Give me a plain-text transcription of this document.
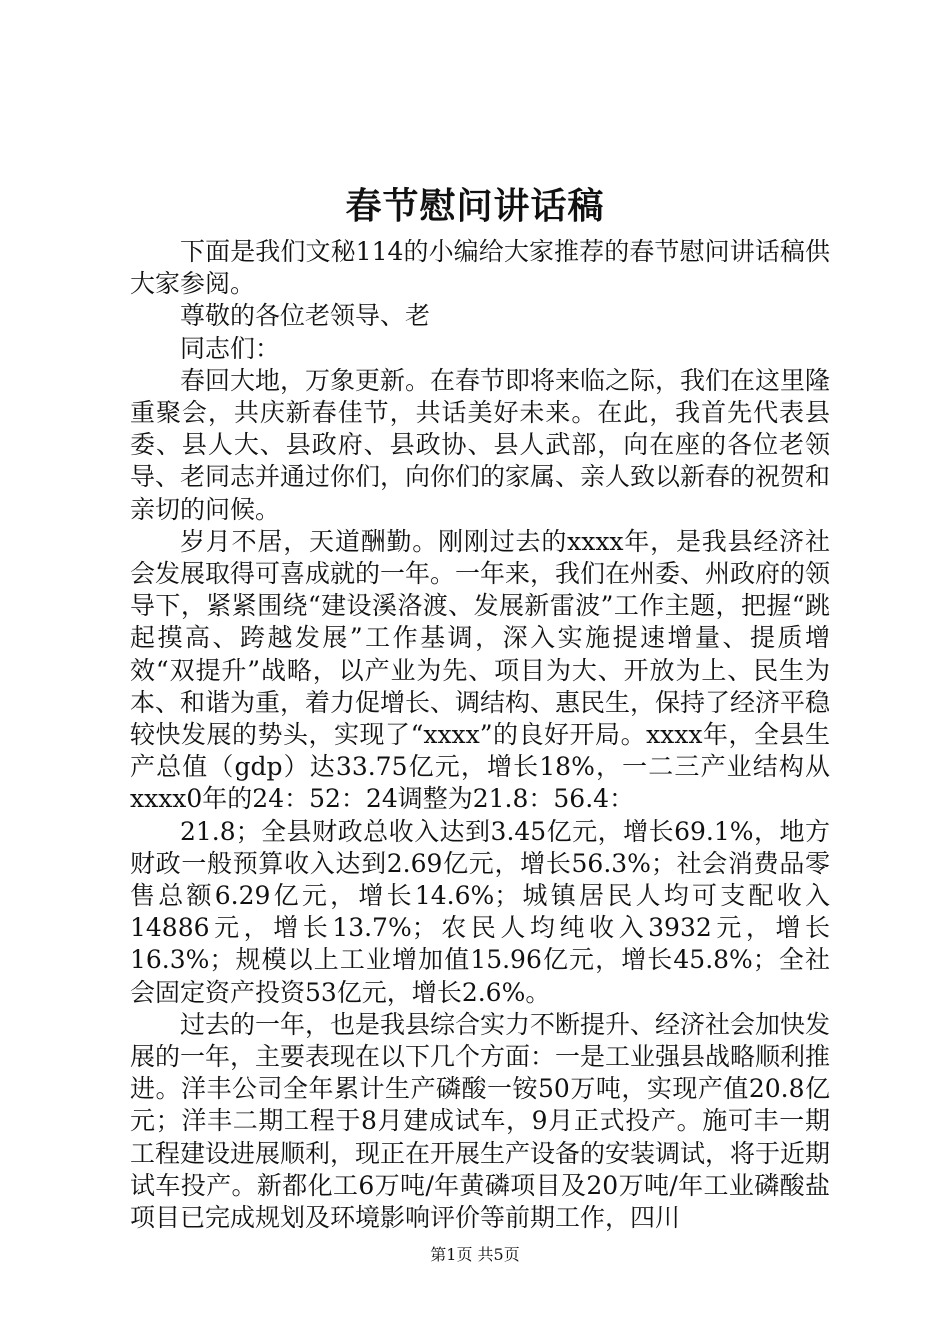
春节慰问讲话稿

下面是我们文秘114的小编给大家推荐的春节慰问讲话稿供大家参阅。

尊敬的各位老领导、老

同志们：

春回大地，万象更新。在春节即将来临之际，我们在这里隆重聚会，共庆新春佳节，共话美好未来。在此，我首先代表县委、县人大、县政府、县政协、县人武部，向在座的各位老领导、老同志并通过你们，向你们的家属、亲人致以新春的祝贺和亲切的问候。

岁月不居，天道酬勤。刚刚过去的xxxx年，是我县经济社会发展取得可喜成就的一年。一年来，我们在州委、州政府的领导下，紧紧围绕“建设溪洛渡、发展新雷波”工作主题，把握“跳起摸高、跨越发展”工作基调，深入实施提速增量、提质增效“双提升”战略，以产业为先、项目为大、开放为上、民生为本、和谐为重，着力促增长、调结构、惠民生，保持了经济平稳较快发展的势头，实现了“xxxx”的良好开局。xxxx年，全县生产总值（gdp）达33.75亿元，增长18%，一二三产业结构从xxxx0年的24：52：24调整为21.8：56.4：

21.8；全县财政总收入达到3.45亿元，增长69.1%，地方财政一般预算收入达到2.69亿元，增长56.3%；社会消费品零售总额6.29亿元，增长14.6%；城镇居民人均可支配收入14886元，增长13.7%；农民人均纯收入3932元，增长16.3%；规模以上工业增加值15.96亿元，增长45.8%；全社会固定资产投资53亿元，增长2.6%。

过去的一年，也是我县综合实力不断提升、经济社会加快发展的一年，主要表现在以下几个方面：一是工业强县战略顺利推进。洋丰公司全年累计生产磷酸一铵50万吨，实现产值20.8亿元；洋丰二期工程于8月建成试车，9月正式投产。施可丰一期工程建设进展顺利，现正在开展生产设备的安装调试，将于近期试车投产。新都化工6万吨/年黄磷项目及20万吨/年工业磷酸盐项目已完成规划及环境影响评价等前期工作，四川

第1页 共5页
